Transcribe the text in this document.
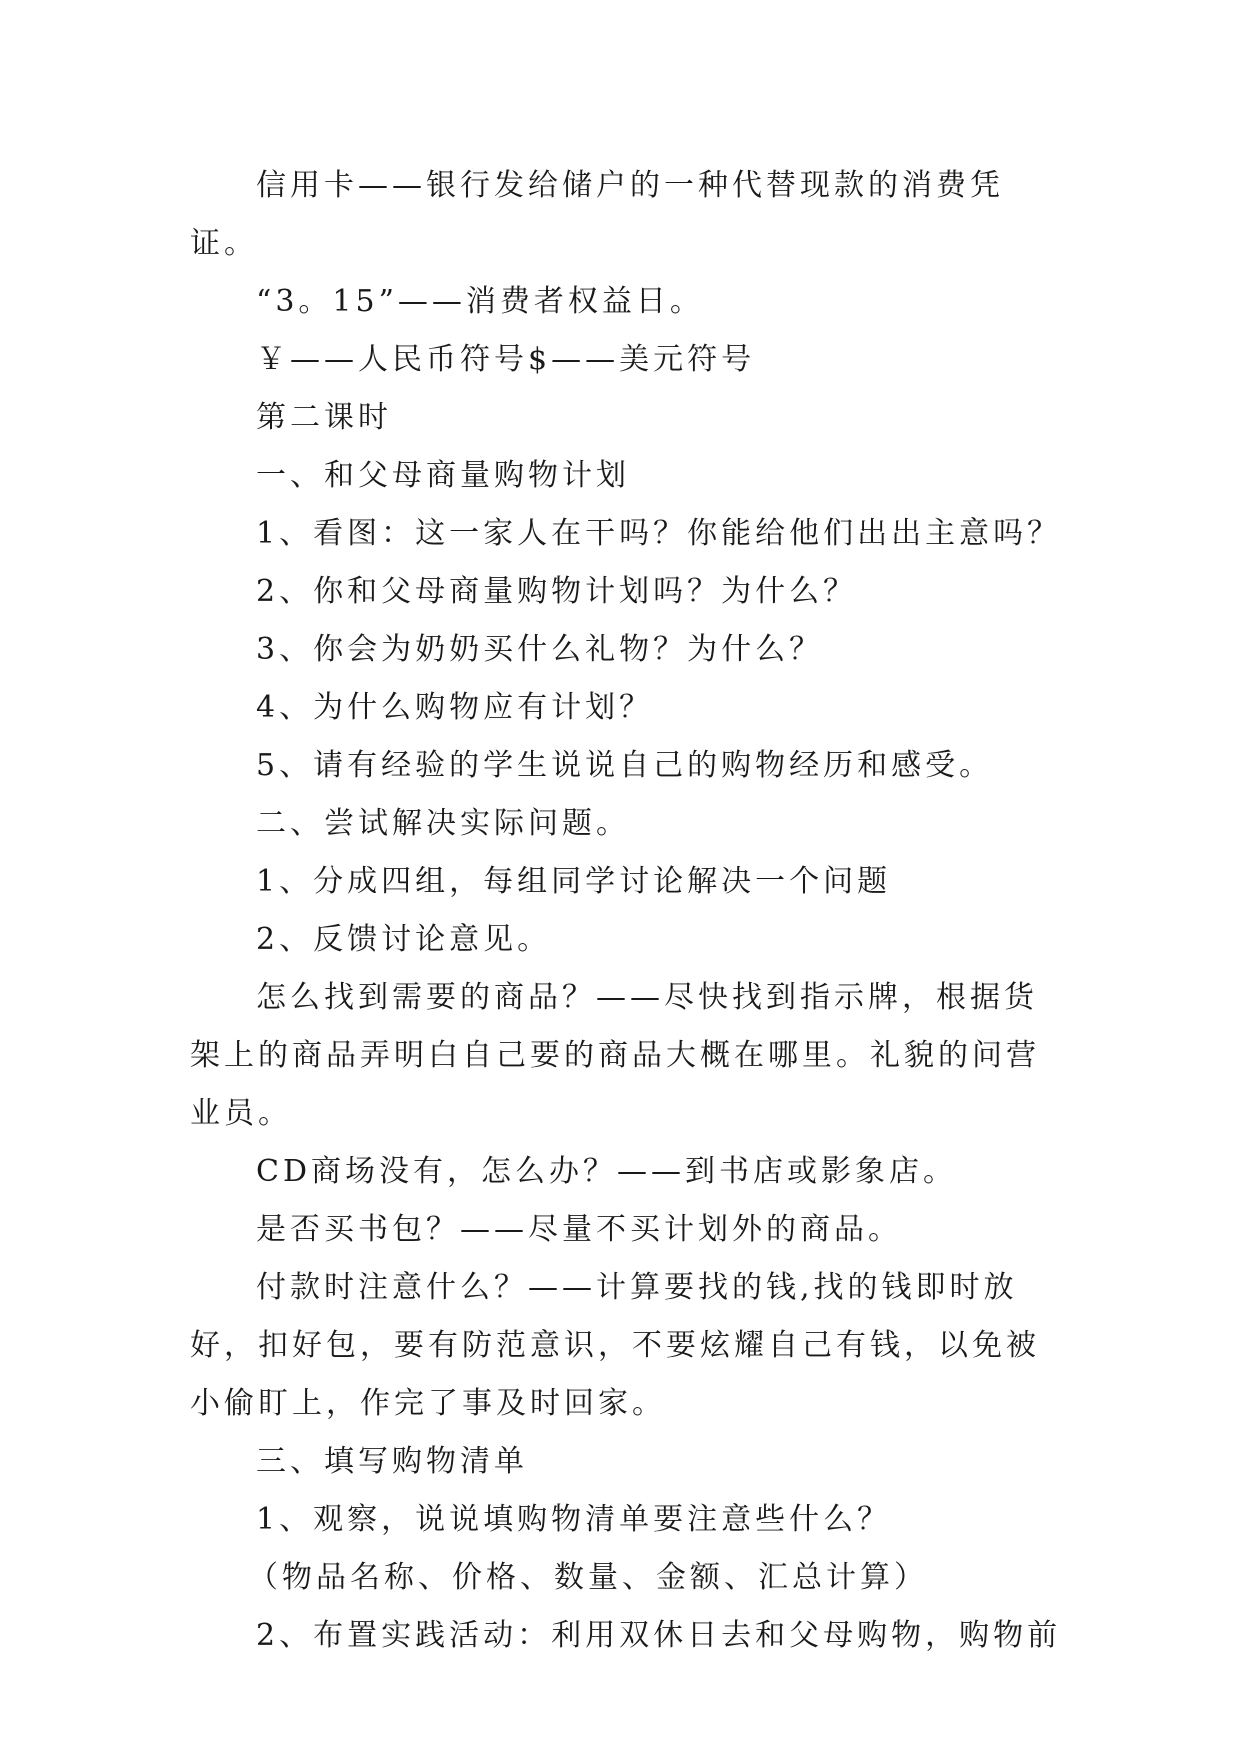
信用卡——银行发给储户的一种代替现款的消费凭证。

“3。15”——消费者权益日。

￥——人民币符号$——美元符号

第二课时

一、和父母商量购物计划

1、看图：这一家人在干吗？你能给他们出出主意吗？

2、你和父母商量购物计划吗？为什么？

3、你会为奶奶买什么礼物？为什么？

4、为什么购物应有计划？

5、请有经验的学生说说自己的购物经历和感受。

二、尝试解决实际问题。

1、分成四组，每组同学讨论解决一个问题

2、反馈讨论意见。

怎么找到需要的商品？——尽快找到指示牌，根据货架上的商品弄明白自己要的商品大概在哪里。礼貌的问营业员。

CD商场没有，怎么办？——到书店或影象店。

是否买书包？——尽量不买计划外的商品。

付款时注意什么？——计算要找的钱,找的钱即时放好，扣好包，要有防范意识，不要炫耀自己有钱，以免被小偷盯上，作完了事及时回家。

三、填写购物清单

1、观察，说说填购物清单要注意些什么？

（物品名称、价格、数量、金额、汇总计算）

2、布置实践活动：利用双休日去和父母购物，购物前
